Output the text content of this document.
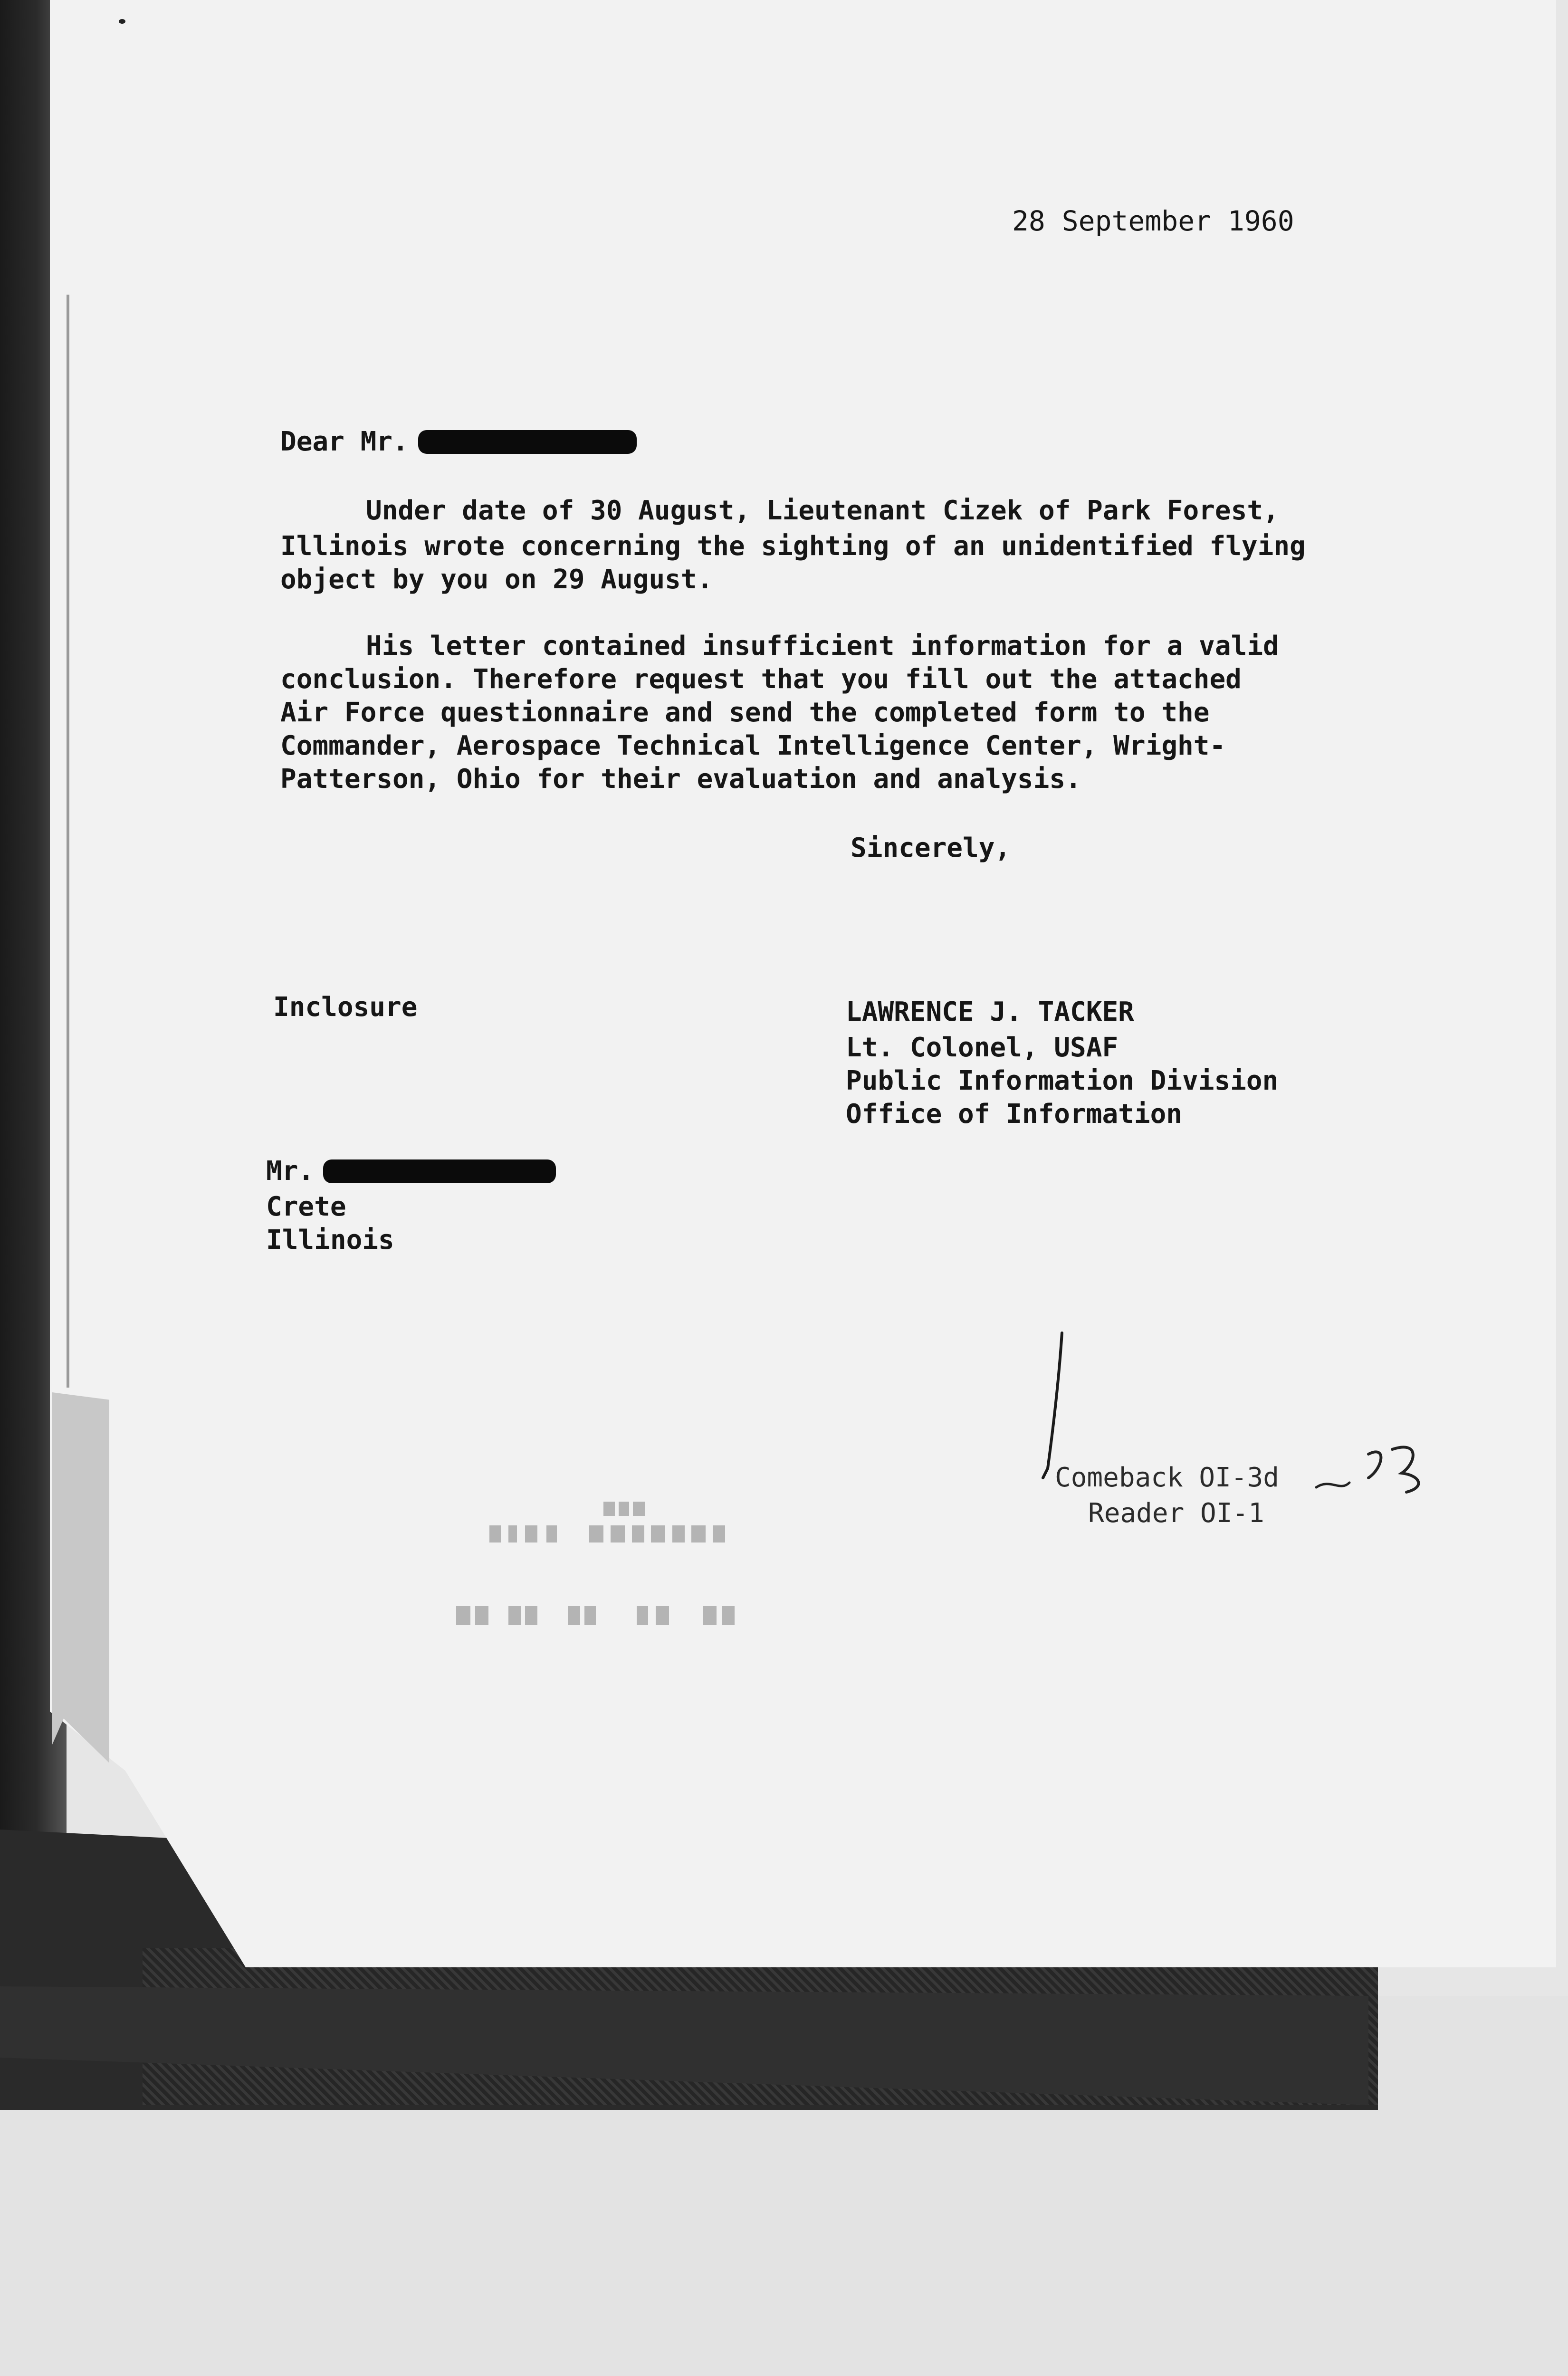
28 September 1960
Dear Mr.
Under date of 30 August, Lieutenant Cizek of Park Forest,
Illinois wrote concerning the sighting of an unidentified flying
object by you on 29 August.
His letter contained insufficient information for a valid
conclusion. Therefore request that you fill out the attached
Air Force questionnaire and send the completed form to the
Commander, Aerospace Technical Intelligence Center, Wright-
Patterson, Ohio for their evaluation and analysis.
Sincerely,
Inclosure	LAWRENCE J. TACKER
Lt. Colonel, USAF
Public Information Division
Office of Information
Mr.
Crete
Illinois
Comeback OI-3d
Reader OI-1
